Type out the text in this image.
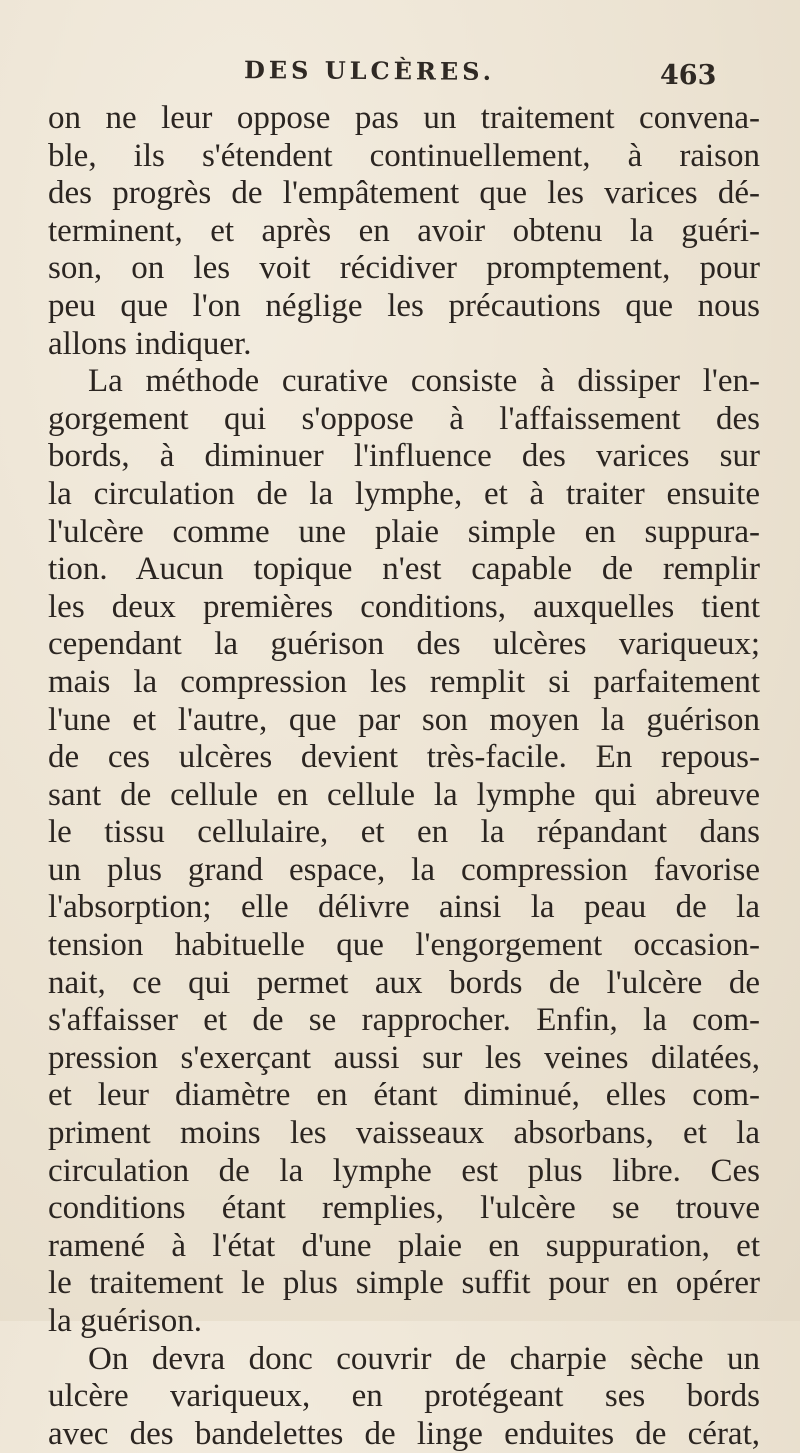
DES ULCÈRES.	463

on ne leur oppose pas un traitement convena-
ble, ils s'étendent continuellement, à raison
des progrès de l'empâtement que les varices dé-
terminent, et après en avoir obtenu la guéri-
son, on les voit récidiver promptement, pour
peu que l'on néglige les précautions que nous
allons indiquer.

La méthode curative consiste à dissiper l'en-
gorgement qui s'oppose à l'affaissement des
bords, à diminuer l'influence des varices sur
la circulation de la lymphe, et à traiter ensuite
l'ulcère comme une plaie simple en suppura-
tion. Aucun topique n'est capable de remplir
les deux premières conditions, auxquelles tient
cependant la guérison des ulcères variqueux;
mais la compression les remplit si parfaitement
l'une et l'autre, que par son moyen la guérison
de ces ulcères devient très-facile. En repous-
sant de cellule en cellule la lymphe qui abreuve
le tissu cellulaire, et en la répandant dans
un plus grand espace, la compression favorise
l'absorption; elle délivre ainsi la peau de la
tension habituelle que l'engorgement occasion-
nait, ce qui permet aux bords de l'ulcère de
s'affaisser et de se rapprocher. Enfin, la com-
pression s'exerçant aussi sur les veines dilatées,
et leur diamètre en étant diminué, elles com-
priment moins les vaisseaux absorbans, et la
circulation de la lymphe est plus libre. Ces
conditions étant remplies, l'ulcère se trouve
ramené à l'état d'une plaie en suppuration, et
le traitement le plus simple suffit pour en opérer
la guérison.

On devra donc couvrir de charpie sèche un
ulcère variqueux, en protégeant ses bords
avec des bandelettes de linge enduites de cérat,
